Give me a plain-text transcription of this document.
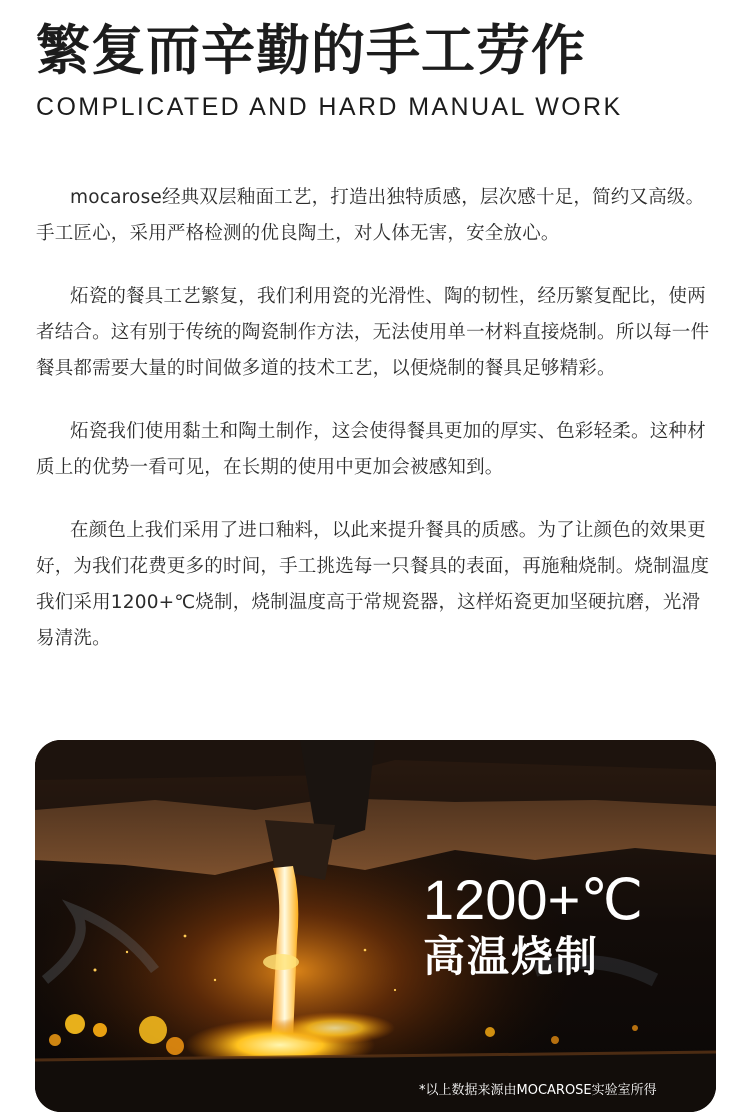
繁复而辛勤的手工劳作
COMPLICATED AND HARD MANUAL WORK

mocarose经典双层釉面工艺，打造出独特质感，层次感十足，简约又高级。手工匠心，采用严格检测的优良陶土，对人体无害，安全放心。

炻瓷的餐具工艺繁复，我们利用瓷的光滑性、陶的韧性，经历繁复配比，使两者结合。这有别于传统的陶瓷制作方法，无法使用单一材料直接烧制。所以每一件餐具都需要大量的时间做多道的技术工艺，以便烧制的餐具足够精彩。

炻瓷我们使用黏土和陶土制作，这会使得餐具更加的厚实、色彩轻柔。这种材质上的优势一看可见，在长期的使用中更加会被感知到。

在颜色上我们采用了进口釉料，以此来提升餐具的质感。为了让颜色的效果更好，为我们花费更多的时间，手工挑选每一只餐具的表面，再施釉烧制。烧制温度我们采用1200+℃烧制，烧制温度高于常规瓷器，这样炻瓷更加坚硬抗磨，光滑易清洗。

1200+℃
高温烧制
*以上数据来源由MOCAROSE实验室所得
